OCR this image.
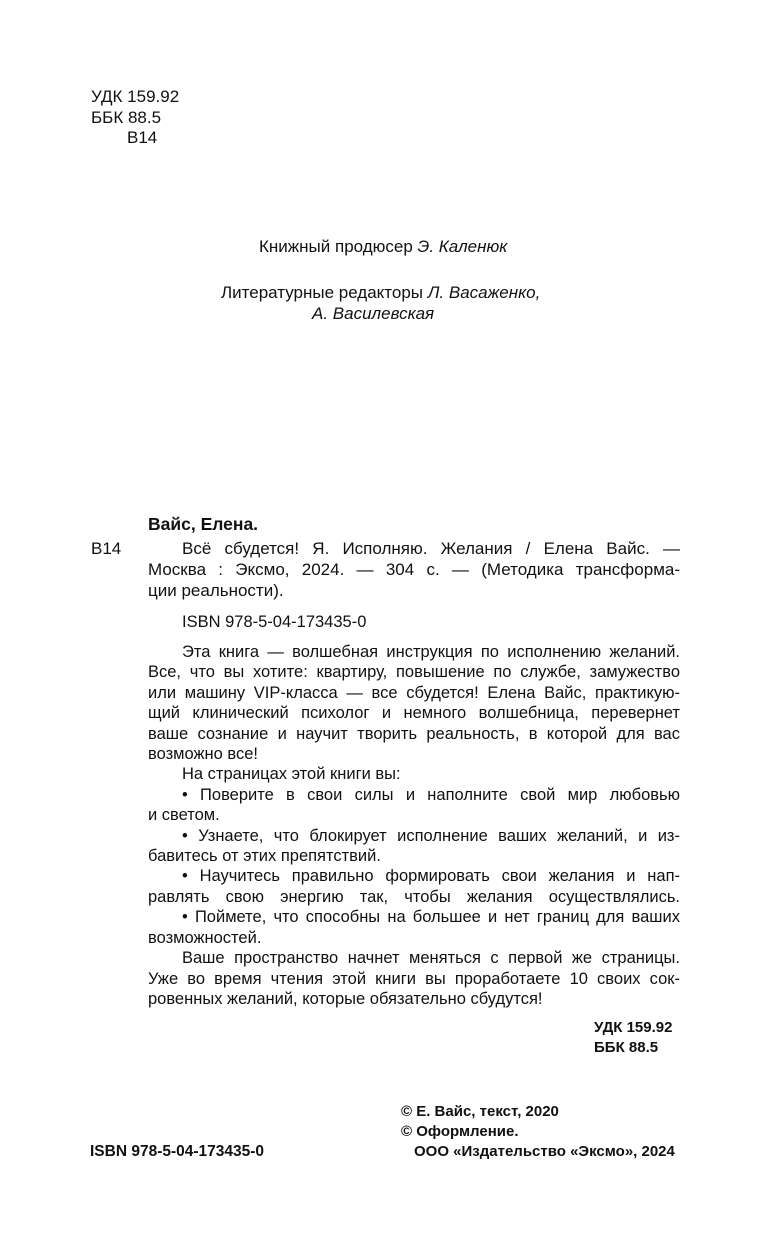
УДК 159.92
ББК 88.5
В14
Книжный продюсер Э. Каленюк
Литературные редакторы Л. Васаженко,
А. Василевская
Вайс, Елена.
В14	Всё сбудется! Я. Исполняю. Желания / Елена Вайс. —
Москва : Эксмо, 2024. — 304 с. — (Методика трансформа-
ции реальности).
ISBN 978-5-04-173435-0
Эта книга — волшебная инструкция по исполнению желаний.
Все, что вы хотите: квартиру, повышение по службе, замужество
или машину VIP-класса — все сбудется! Елена Вайс, практикую-
щий клинический психолог и немного волшебница, перевернет
ваше сознание и научит творить реальность, в которой для вас
возможно все!
На страницах этой книги вы:
• Поверите в свои силы и наполните свой мир любовью
и светом.
• Узнаете, что блокирует исполнение ваших желаний, и из-
бавитесь от этих препятствий.
• Научитесь правильно формировать свои желания и нап-
равлять свою энергию так, чтобы желания осуществлялись.
• Поймете, что способны на большее и нет границ для ваших
возможностей.
Ваше пространство начнет меняться с первой же страницы.
Уже во время чтения этой книги вы проработаете 10 своих сок-
ровенных желаний, которые обязательно сбудутся!
УДК 159.92
ББК 88.5
© Е. Вайс, текст, 2020
© Оформление.
ООО «Издательство «Эксмо», 2024
ISBN 978-5-04-173435-0
